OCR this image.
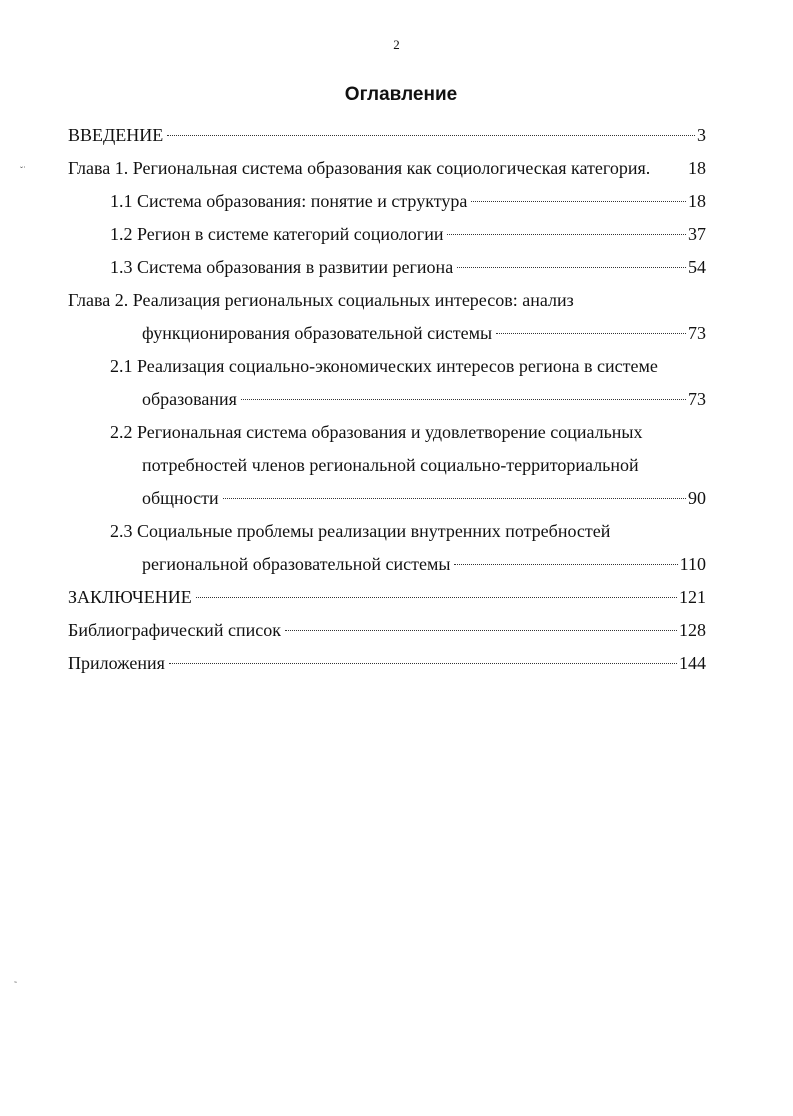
2
Оглавление
ˇ˙
˜
ВВЕДЕНИЕ	3
Глава 1. Региональная система образования как социологическая категория. 18
1.1 Система образования: понятие и структура	18
1.2 Регион в системе категорий социологии	37
1.3 Система образования в развитии региона	54
Глава 2. Реализация региональных социальных интересов: анализ
функционирования образовательной системы	73
2.1 Реализация социально-экономических интересов региона в системе
образования	73
2.2 Региональная система образования и удовлетворение социальных
потребностей членов региональной социально-территориальной
общности	90
2.3 Социальные проблемы реализации внутренних потребностей
региональной образовательной системы	110
ЗАКЛЮЧЕНИЕ	121
Библиографический список	128
Приложения	144
